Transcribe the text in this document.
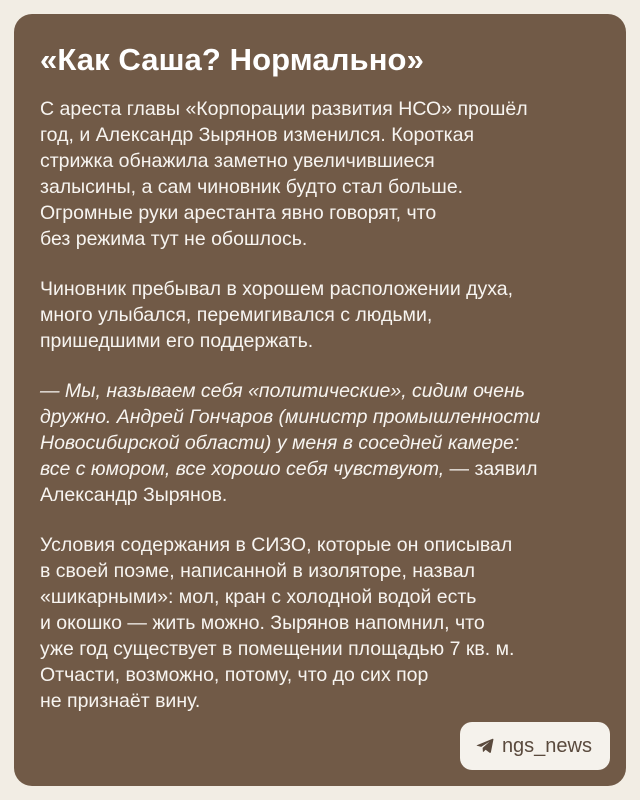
«Как Саша? Нормально»

С ареста главы «Корпорации развития НСО» прошёл
год, и Александр Зырянов изменился. Короткая
стрижка обнажила заметно увеличившиеся
залысины, а сам чиновник будто стал больше.
Огромные руки арестанта явно говорят, что
без режима тут не обошлось.

Чиновник пребывал в хорошем расположении духа,
много улыбался, перемигивался с людьми,
пришедшими его поддержать.

— Мы, называем себя «политические», сидим очень
дружно. Андрей Гончаров (министр промышленности
Новосибирской области) у меня в соседней камере:
все с юмором, все хорошо себя чувствуют, — заявил
Александр Зырянов.

Условия содержания в СИЗО, которые он описывал
в своей поэме, написанной в изоляторе, назвал
«шикарными»: мол, кран с холодной водой есть
и окошко — жить можно. Зырянов напомнил, что
уже год существует в помещении площадью 7 кв. м.
Отчасти, возможно, потому, что до сих пор
не признаёт вину.

ngs_news
